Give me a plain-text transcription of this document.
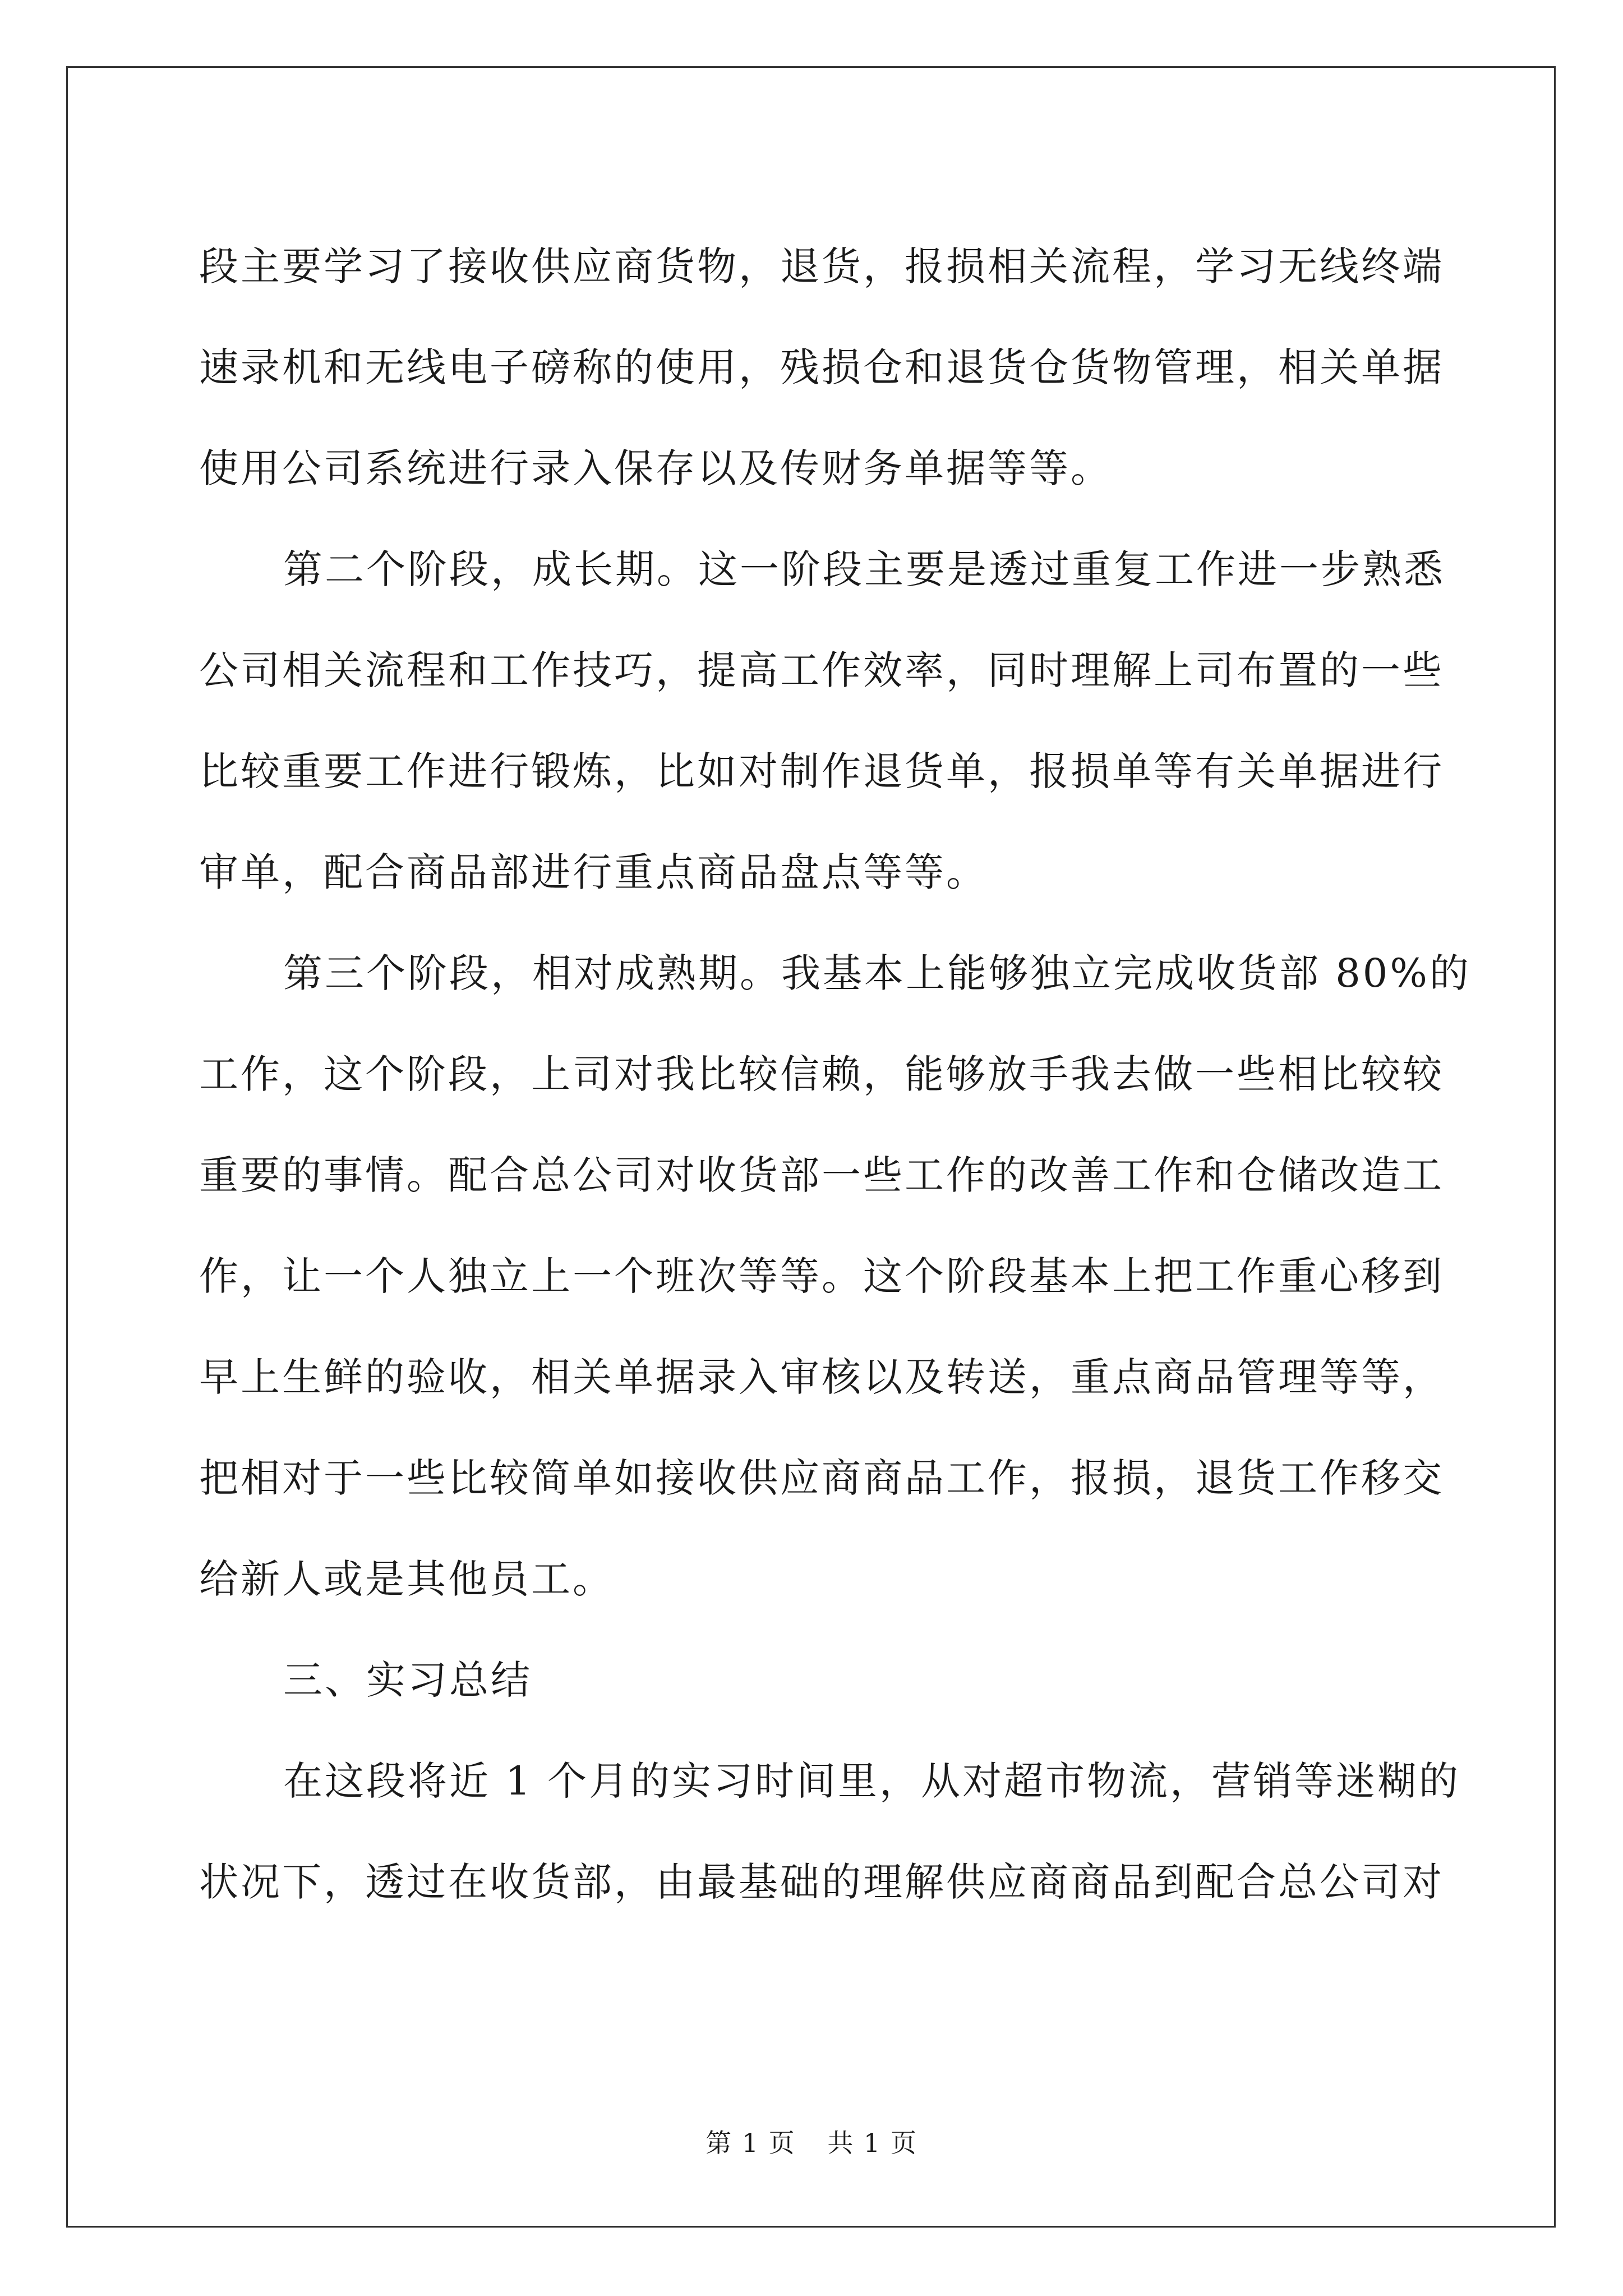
段主要学习了接收供应商货物，退货，报损相关流程，学习无线终端
速录机和无线电子磅称的使用，残损仓和退货仓货物管理，相关单据
使用公司系统进行录入保存以及传财务单据等等。

第二个阶段，成长期。这一阶段主要是透过重复工作进一步熟悉
公司相关流程和工作技巧，提高工作效率，同时理解上司布置的一些
比较重要工作进行锻炼，比如对制作退货单，报损单等有关单据进行
审单，配合商品部进行重点商品盘点等等。

第三个阶段，相对成熟期。我基本上能够独立完成收货部 80%的
工作，这个阶段，上司对我比较信赖，能够放手我去做一些相比较较
重要的事情。配合总公司对收货部一些工作的改善工作和仓储改造工
作，让一个人独立上一个班次等等。这个阶段基本上把工作重心移到
早上生鲜的验收，相关单据录入审核以及转送，重点商品管理等等，
把相对于一些比较简单如接收供应商商品工作，报损，退货工作移交
给新人或是其他员工。

三、实习总结

在这段将近 1 个月的实习时间里，从对超市物流，营销等迷糊的
状况下，透过在收货部，由最基础的理解供应商商品到配合总公司对

第 1 页 共 1 页
